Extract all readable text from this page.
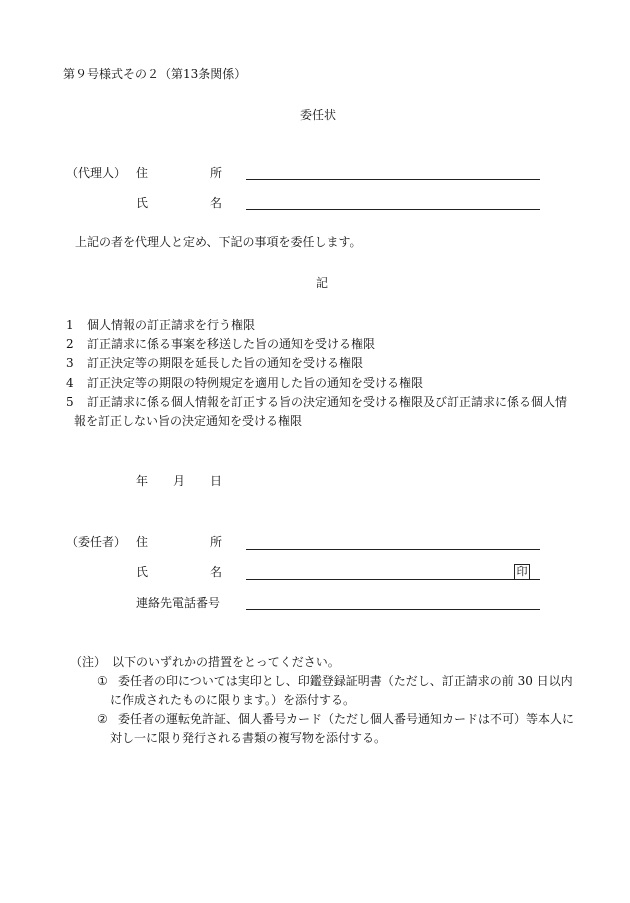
第９号様式その２（第13条関係）
委任状
（代理人） 住	所
氏	名
上記の者を代理人と定め、下記の事項を委任します。
記
1 個人情報の訂正請求を行う権限
2 訂正請求に係る事案を移送した旨の通知を受ける権限
3 訂正決定等の期限を延長した旨の通知を受ける権限
4 訂正決定等の期限の特例規定を適用した旨の通知を受ける権限
5 訂正請求に係る個人情報を訂正する旨の決定通知を受ける権限及び訂正請求に係る個人情
報を訂正しない旨の決定通知を受ける権限
年 月 日
（委任者） 住	所
氏	名	印
連絡先電話番号
（注） 以下のいずれかの措置をとってください。
① 委任者の印については実印とし、印鑑登録証明書（ただし、訂正請求の前 30 日以内
に作成されたものに限ります。）を添付する。
② 委任者の運転免許証、個人番号カード（ただし個人番号通知カードは不可）等本人に
対し一に限り発行される書類の複写物を添付する。
